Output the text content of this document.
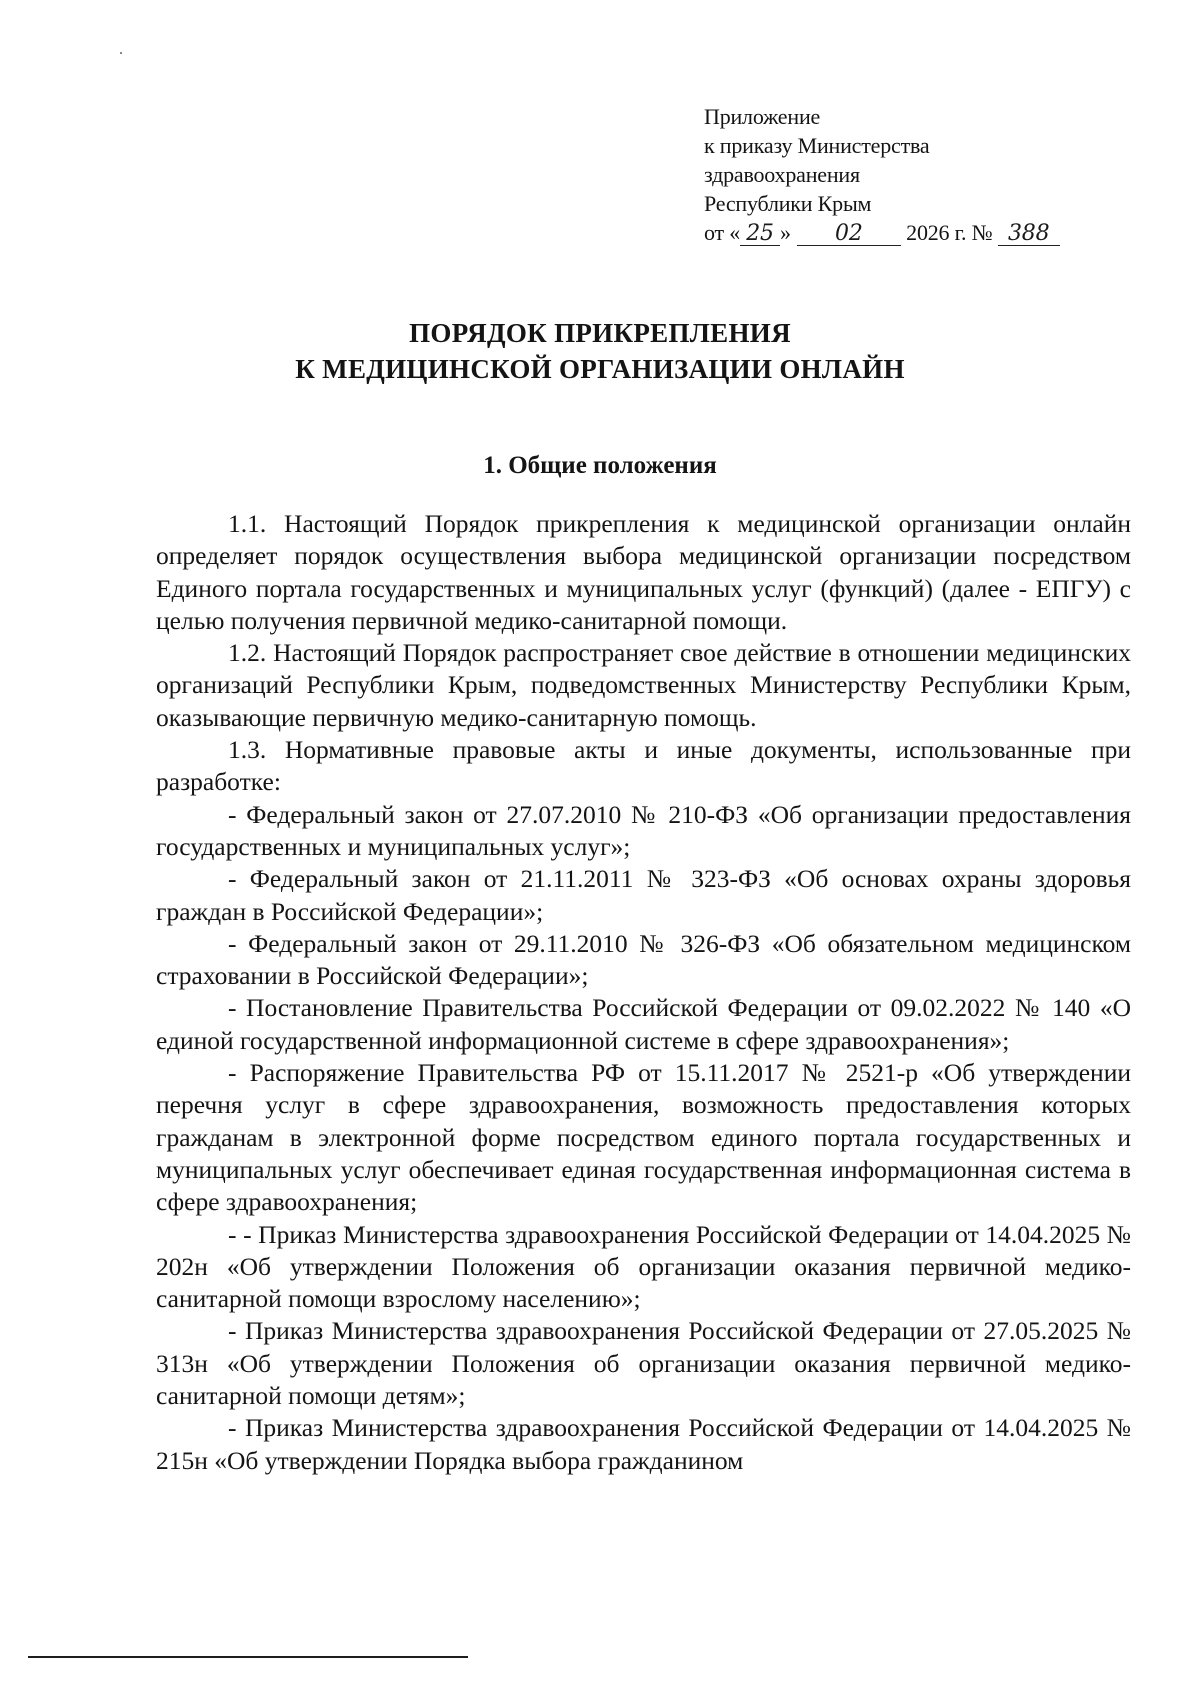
Приложение
к приказу Министерства
здравоохранения
Республики Крым
от « 25 » 02 2026 г. № 388
ПОРЯДОК ПРИКРЕПЛЕНИЯ
К МЕДИЦИНСКОЙ ОРГАНИЗАЦИИ ОНЛАЙН
1. Общие положения

1.1. Настоящий Порядок прикрепления к медицинской организации онлайн определяет порядок осуществления выбора медицинской организации посредством Единого портала государственных и муниципальных услуг (функций) (далее - ЕПГУ) с целью получения первичной медико-санитарной помощи.

1.2. Настоящий Порядок распространяет свое действие в отношении медицинских организаций Республики Крым, подведомственных Министерству Республики Крым, оказывающие первичную медико-санитарную помощь.

1.3. Нормативные правовые акты и иные документы, использованные при разработке:

- Федеральный закон от 27.07.2010 № 210-ФЗ «Об организации предоставления государственных и муниципальных услуг»;

- Федеральный закон от 21.11.2011 № 323-ФЗ «Об основах охраны здоровья граждан в Российской Федерации»;

- Федеральный закон от 29.11.2010 № 326-ФЗ «Об обязательном медицинском страховании в Российской Федерации»;

- Постановление Правительства Российской Федерации от 09.02.2022 № 140 «О единой государственной информационной системе в сфере здравоохранения»;

- Распоряжение Правительства РФ от 15.11.2017 № 2521-р «Об утверждении перечня услуг в сфере здравоохранения, возможность предоставления которых гражданам в электронной форме посредством единого портала государственных и муниципальных услуг обеспечивает единая государственная информационная система в сфере здравоохранения;

- - Приказ Министерства здравоохранения Российской Федерации от 14.04.2025 № 202н «Об утверждении Положения об организации оказания первичной медико-санитарной помощи взрослому населению»;

- Приказ Министерства здравоохранения Российской Федерации от 27.05.2025 № 313н «Об утверждении Положения об организации оказания первичной медико-санитарной помощи детям»;

- Приказ Министерства здравоохранения Российской Федерации от 14.04.2025 № 215н «Об утверждении Порядка выбора гражданином
